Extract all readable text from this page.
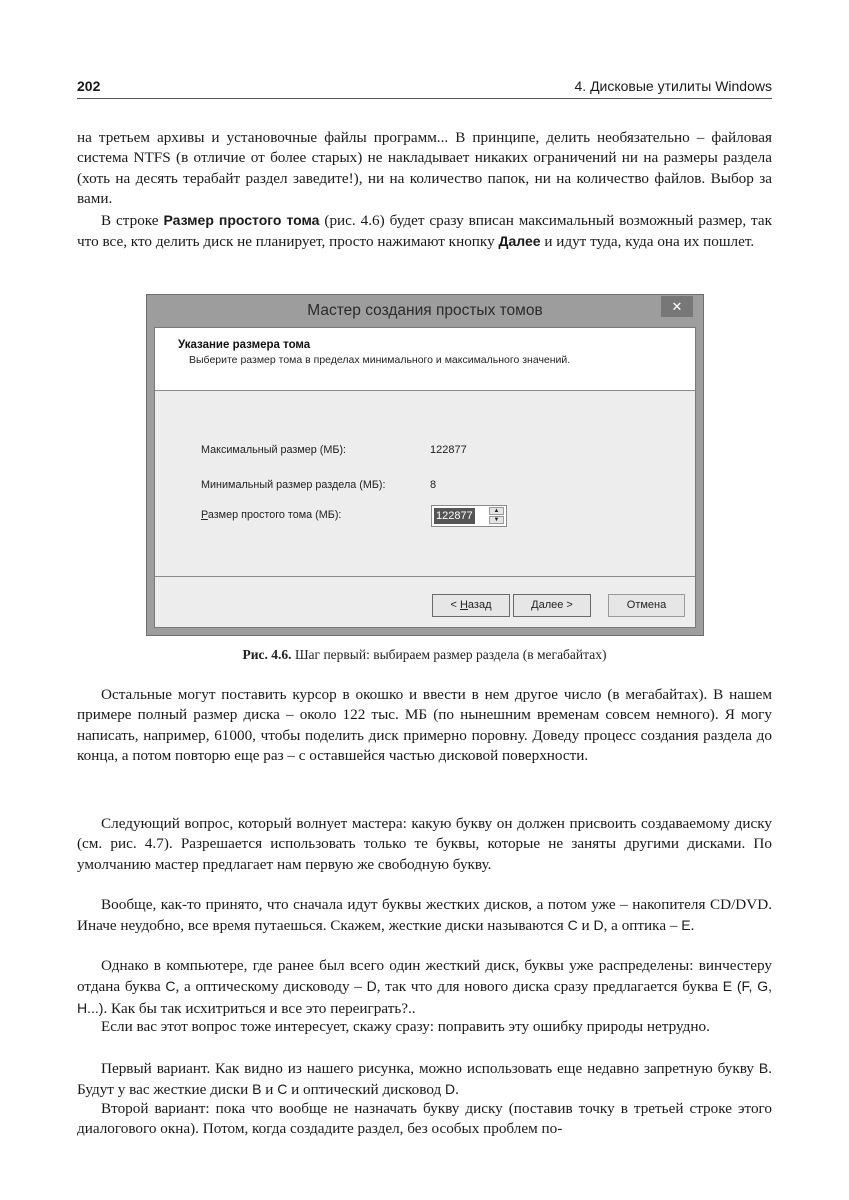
202	4. Дисковые утилиты Windows

на третьем архивы и установочные файлы программ... В принципе, делить необязательно – файловая система NTFS (в отличие от более старых) не накладывает никаких ограничений ни на размеры раздела (хоть на десять терабайт раздел заведите!), ни на количество папок, ни на количество файлов. Выбор за вами.

В строке Размер простого тома (рис. 4.6) будет сразу вписан максимальный возможный размер, так что все, кто делить диск не планирует, просто нажимают кнопку Далее и идут туда, куда она их пошлет.

Мастер создания простых томов	✕
Указание размера тома
Выберите размер тома в пределах минимального и максимального значений.
Максимальный размер (МБ):	122877
Минимальный размер раздела (МБ):	8
Размер простого тома (МБ):	122877	▲
▼
< Назад	Далее >	Отмена
Рис. 4.6. Шаг первый: выбираем размер раздела (в мегабайтах)

Остальные могут поставить курсор в окошко и ввести в нем другое число (в мегабайтах). В нашем примере полный размер диска – около 122 тыс. МБ (по нынешним временам совсем немного). Я могу написать, например, 61000, чтобы поделить диск примерно поровну. Доведу процесс создания раздела до конца, а потом повторю еще раз – с оставшейся частью дисковой поверхности.

Следующий вопрос, который волнует мастера: какую букву он должен присвоить создаваемому диску (см. рис. 4.7). Разрешается использовать только те буквы, которые не заняты другими дисками. По умолчанию мастер предлагает нам первую же свободную букву.

Вообще, как-то принято, что сначала идут буквы жестких дисков, а потом уже – накопителя CD/DVD. Иначе неудобно, все время путаешься. Скажем, жесткие диски называются C и D, а оптика – E.

Однако в компьютере, где ранее был всего один жесткий диск, буквы уже распределены: винчестеру отдана буква C, а оптическому дисководу – D, так что для нового диска сразу предлагается буква E (F, G, H...). Как бы так исхитриться и все это переиграть?..

Если вас этот вопрос тоже интересует, скажу сразу: поправить эту ошибку природы нетрудно.

Первый вариант. Как видно из нашего рисунка, можно использовать еще недавно запретную букву B. Будут у вас жесткие диски B и C и оптический дисковод D.

Второй вариант: пока что вообще не назначать букву диску (поставив точку в третьей строке этого диалогового окна). Потом, когда создадите раздел, без особых проблем по-
